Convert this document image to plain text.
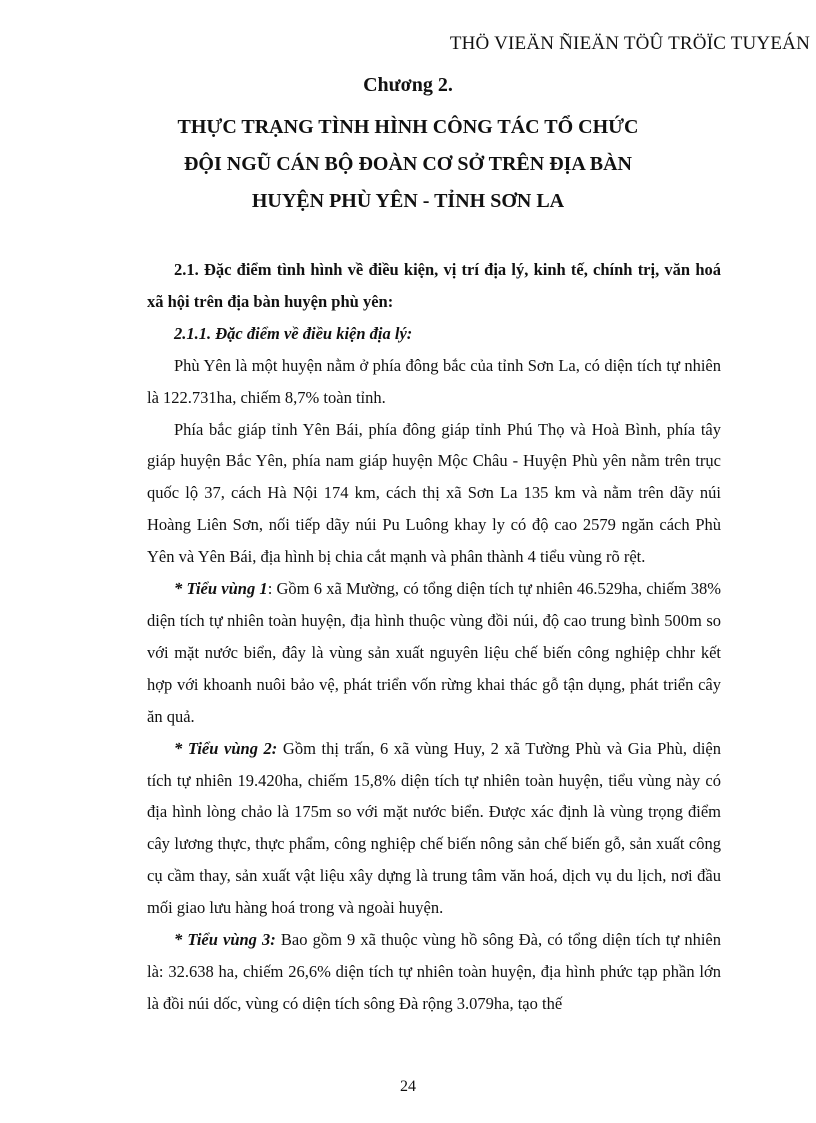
THÖ VIEÄN ÑIEÄN TÖÛ TRÖÏC TUYEÁN
Chương 2.
THỰC TRẠNG TÌNH HÌNH CÔNG TÁC TỔ CHỨC
ĐỘI NGŨ CÁN BỘ ĐOÀN CƠ SỞ TRÊN ĐỊA BÀN
HUYỆN PHÙ YÊN - TỈNH SƠN LA

2.1. Đặc điểm tình hình về điều kiện, vị trí địa lý, kinh tế, chính trị, văn hoá xã hội trên địa bàn huyện phù yên:

2.1.1. Đặc điểm về điều kiện địa lý:

Phù Yên là một huyện nằm ở phía đông bắc của tỉnh Sơn La, có diện tích tự nhiên là 122.731ha, chiếm 8,7% toàn tỉnh.

Phía bắc giáp tỉnh Yên Bái, phía đông giáp tỉnh Phú Thọ và Hoà Bình, phía tây giáp huyện Bắc Yên, phía nam giáp huyện Mộc Châu - Huyện Phù yên nằm trên trục quốc lộ 37, cách Hà Nội 174 km, cách thị xã Sơn La 135 km và nằm trên dãy núi Hoàng Liên Sơn, nối tiếp dãy núi Pu Luông khay ly có độ cao 2579 ngăn cách Phù Yên và Yên Bái, địa hình bị chia cắt mạnh và phân thành 4 tiểu vùng rõ rệt.

* Tiểu vùng 1: Gồm 6 xã Mường, có tổng diện tích tự nhiên 46.529ha, chiếm 38% diện tích tự nhiên toàn huyện, địa hình thuộc vùng đồi núi, độ cao trung bình 500m so với mặt nước biển, đây là vùng sản xuất nguyên liệu chế biến công nghiệp chhr kết hợp với khoanh nuôi bảo vệ, phát triển vốn rừng khai thác gỗ tận dụng, phát triển cây ăn quả.

* Tiểu vùng 2: Gồm thị trấn, 6 xã vùng Huy, 2 xã Tường Phù và Gia Phù, diện tích tự nhiên 19.420ha, chiếm 15,8% diện tích tự nhiên toàn huyện, tiểu vùng này có địa hình lòng chảo là 175m so với mặt nước biển. Được xác định là vùng trọng điểm cây lương thực, thực phẩm, công nghiệp chế biến nông sản chế biến gỗ, sản xuất công cụ cầm thay, sản xuất vật liệu xây dựng là trung tâm văn hoá, dịch vụ du lịch, nơi đầu mối giao lưu hàng hoá trong và ngoài huyện.

* Tiểu vùng 3: Bao gồm 9 xã thuộc vùng hồ sông Đà, có tổng diện tích tự nhiên là: 32.638 ha, chiếm 26,6% diện tích tự nhiên toàn huyện, địa hình phức tạp phần lớn là đồi núi dốc, vùng có diện tích sông Đà rộng 3.079ha, tạo thế

24
